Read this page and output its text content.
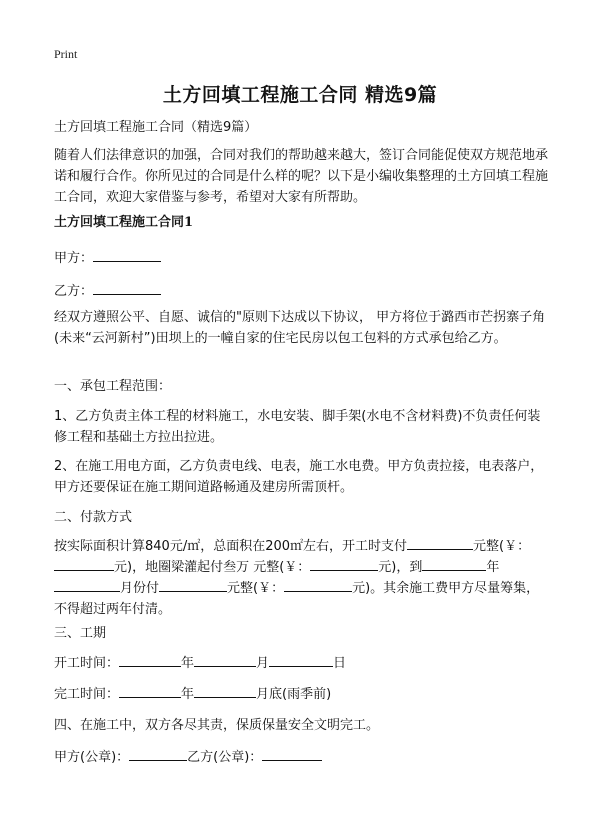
Print
土方回填工程施工合同 精选9篇
土方回填工程施工合同（精选9篇）
随着人们法律意识的加强，合同对我们的帮助越来越大，签订合同能促使双方规范地承诺和履行合作。你所见过的合同是什么样的呢？以下是小编收集整理的土方回填工程施工合同，欢迎大家借鉴与参考，希望对大家有所帮助。
土方回填工程施工合同1
甲方：
乙方：
经双方遵照公平、自愿、诚信的"原则下达成以下协议， 甲方将位于潞西市芒拐寨子角(未来“云河新村”)田坝上的一幢自家的住宅民房以包工包料的方式承包给乙方。
一、承包工程范围：
1、乙方负责主体工程的材料施工，水电安装、脚手架(水电不含材料费)不负责任何装修工程和基础土方拉出拉进。
2、在施工用电方面，乙方负责电线、电表，施工水电费。甲方负责拉接，电表落户，甲方还要保证在施工期间道路畅通及建房所需顶杆。
二、付款方式
按实际面积计算840元/㎡，总面积在200㎡左右，开工时支付	元整(￥：元)，地圈梁灌起付叁万 元整(￥：	元)，到	年月份付	元整(￥：	元)。其余施工费甲方尽量筹集，不得超过两年付清。
三、工期
开工时间：	年	月	日
完工时间：	年	月底(雨季前)
四、在施工中，双方各尽其责，保质保量安全文明完工。
甲方(公章)：	乙方(公章)：
